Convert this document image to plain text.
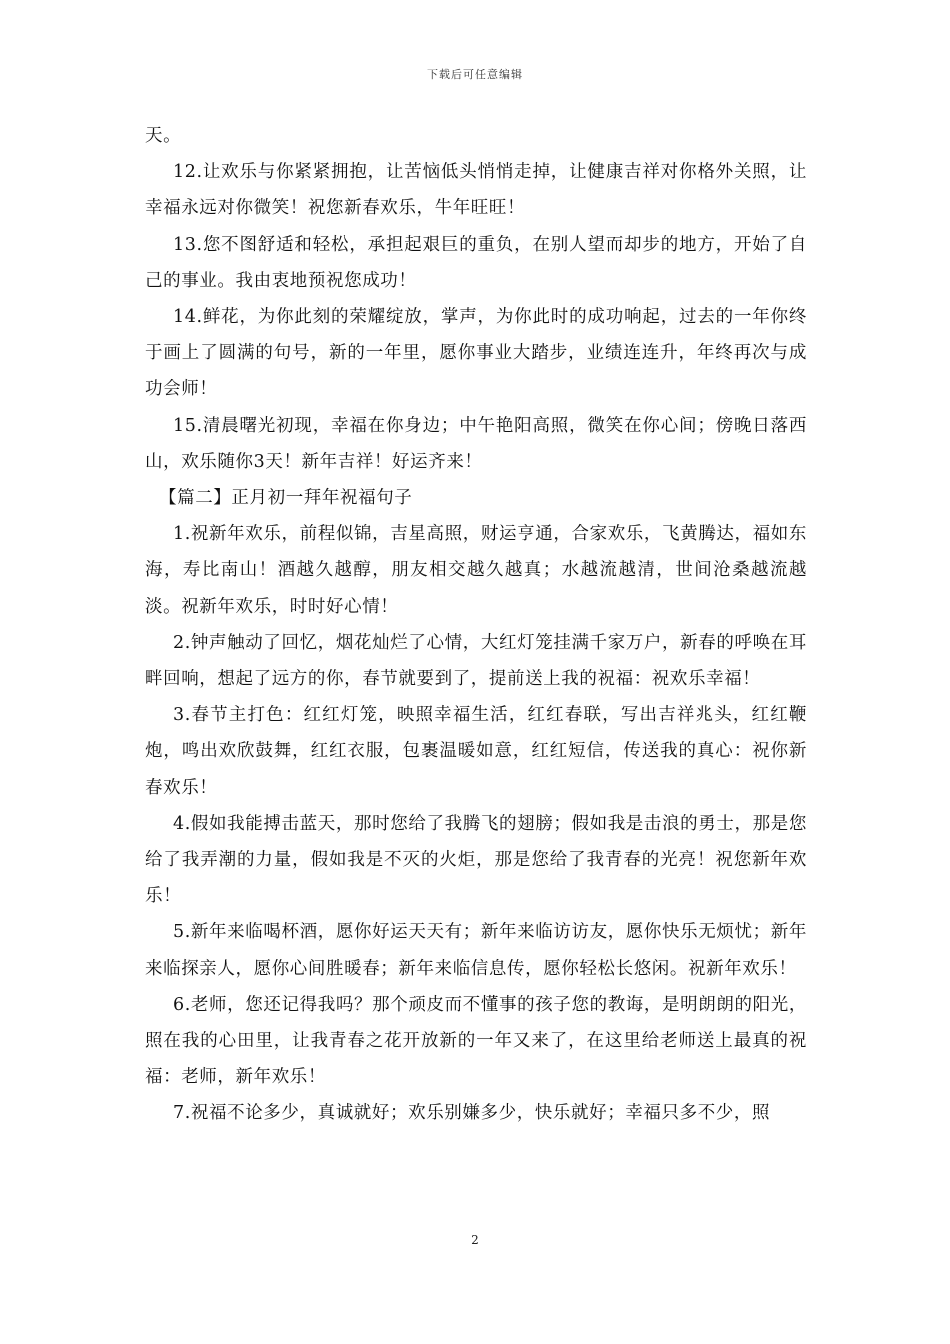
下载后可任意编辑

天。

12.让欢乐与你紧紧拥抱，让苦恼低头悄悄走掉，让健康吉祥对你格外关照，让幸福永远对你微笑！祝您新春欢乐，牛年旺旺！

13.您不图舒适和轻松，承担起艰巨的重负，在别人望而却步的地方，开始了自己的事业。我由衷地预祝您成功！

14.鲜花，为你此刻的荣耀绽放，掌声，为你此时的成功响起，过去的一年你终于画上了圆满的句号，新的一年里，愿你事业大踏步，业绩连连升，年终再次与成功会师！

15.清晨曙光初现，幸福在你身边；中午艳阳高照，微笑在你心间；傍晚日落西山，欢乐随你3天！新年吉祥！好运齐来！

【篇二】正月初一拜年祝福句子

1.祝新年欢乐，前程似锦，吉星高照，财运亨通，合家欢乐，飞黄腾达，福如东海，寿比南山！酒越久越醇，朋友相交越久越真；水越流越清，世间沧桑越流越淡。祝新年欢乐，时时好心情！

2.钟声触动了回忆，烟花灿烂了心情，大红灯笼挂满千家万户，新春的呼唤在耳畔回响，想起了远方的你，春节就要到了，提前送上我的祝福：祝欢乐幸福！

3.春节主打色：红红灯笼，映照幸福生活，红红春联，写出吉祥兆头，红红鞭炮，鸣出欢欣鼓舞，红红衣服，包裹温暖如意，红红短信，传送我的真心：祝你新春欢乐！

4.假如我能搏击蓝天，那时您给了我腾飞的翅膀；假如我是击浪的勇士，那是您给了我弄潮的力量，假如我是不灭的火炬，那是您给了我青春的光亮！祝您新年欢乐！

5.新年来临喝杯酒，愿你好运天天有；新年来临访访友，愿你快乐无烦忧；新年来临探亲人，愿你心间胜暖春；新年来临信息传，愿你轻松长悠闲。祝新年欢乐！

6.老师，您还记得我吗？那个顽皮而不懂事的孩子您的教诲，是明朗朗的阳光，照在我的心田里，让我青春之花开放新的一年又来了，在这里给老师送上最真的祝福：老师，新年欢乐！

7.祝福不论多少，真诚就好；欢乐别嫌多少，快乐就好；幸福只多不少，照

2
